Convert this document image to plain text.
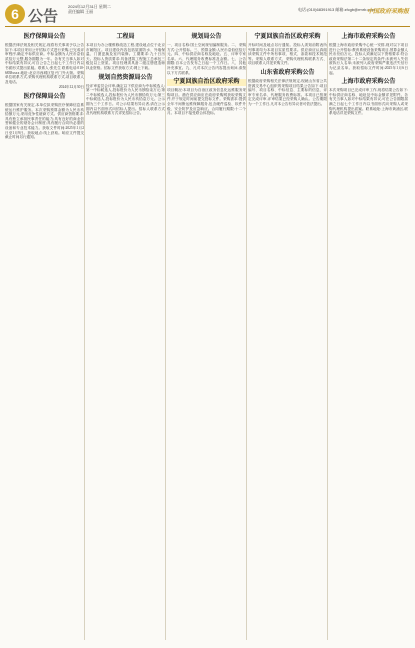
6 公告
2024年12月31日 星期二
责任编辑 王丽	电话:(010)68391913 邮箱:zfcgb@rmrb.com
中国政府采购报
医疗保障局公告

根据法律法规及相关规定,现将有关事项予以公告如下:本项目采用公开招标方式进行采购,已完成评审程序,确定中标供应商。中标金额为人民币壹佰贰拾万元整,服务期限为一年。各有关当事人如对中标结果有异议,可自公告之日起七个工作日内以书面形式提出质疑。联系人:张先生 联系电话:010-6838xxxx 地址:北京市西城区复兴门外大街。采购单位联系方式,采购代理机构联系方式,项目联系人及电话。

2024年12月30日

医疗保障局公告

根据国家有关规定,本单位拟采购医疗保障信息系统运行维护服务。本次采购预算金额为人民币玖拾捌万元,采用竞争性磋商方式。供应商资格要求:具有独立承担民事责任的能力;具有良好的商业信誉和健全的财务会计制度;具有履行合同所必需的设备和专业技术能力。获取文件时间:2025年1月2日至1月9日。获取地点:线上获取。响应文件提交截止时间另行通知。

工程局

本项目为办公楼维修改造工程,建设地点位于北京市朝阳区。项目建设内容包括屋面防水、外墙保温、门窗更换及室内装修。工期要求:九十日历天。投标人资质要求:具备建筑工程施工总承包三级及以上资质。项目经理须具备二级注册建造师执业资格。招标文件获取方式:网上下载。

规划自然资源局公告

经评审委员会评审,确定以下供应商为中标候选人:第一中标候选人,投标报价为人民币捌拾柒万元;第二中标候选人,投标报价为人民币捌拾玖万元;第三中标候选人,投标报价为人民币玖拾壹万元。公示期为三个工作日。对公示结果有异议者,请在公示期内以书面形式向招标人提出。招标人联系方式及代理机构联系方式详见招标公告。

规划局公告

一、项目名称:国土空间规划编制服务。二、采购方式:公开招标。三、预算金额:人民币壹佰伍拾万元。四、中标供应商名称及地址。五、评审专家名单。六、代理服务收费标准及金额。七、公告期限:自本公告发布之日起一个工作日。八、其他补充事宜。九、凡对本次公告内容提出询问,请按以下方式联系。

宁夏回族自治区政府采购

项目概况:本项目为自治区政务信息化运维服务采购项目。潜在供应商应在政府采购网获取采购文件,并于规定时间前提交投标文件。采购需求:提供全年不间断运维保障服务,包含硬件巡检、软件升级、安全防护及应急响应。合同履行期限:十二个月。本项目不接受联合体投标。

宁夏回族自治区政府采购

开标时间及地点另行通知。投标人须知前附表所列事项均为本项目实质性要求。供应商应认真阅读采购文件中所有事项、格式、条款和技术规范等。采购人联系方式、采购代理机构联系方式、项目联系人详见采购文件。

山东省政府采购公告

根据政府采购相关法律法规规定,现就山东省公共资源交易中心组织的采购项目结果公告如下:项目编号、项目名称、中标信息、主要标的信息、评审专家名单、代理服务收费标准。本项目已按规定完成评审,评审结果已经采购人确认。公告期限为一个工作日,凡对本公告有异议者可依法提出。

上海市政府采购公告

根据上海市政府采购中心统一安排,现对以下项目进行公开招标:教育系统设备采购项目,预算金额人民币叁佰万元。投标人须满足以下资格要求:符合政府采购法第二十二条规定的条件;未被列入失信被执行人名单;未被列入政府采购严重违法失信行为记录名单。获取招标文件时间:2025年1月6日起。

上海市政府采购公告

本次采购项目已完成评审工作,现将结果公告如下:中标供应商名称、地址及中标金额详见附件。各有关当事人如对中标结果有异议,可在公告期限届满之日起七个工作日内以书面形式向采购人或采购代理机构提出质疑。联系地址:上海市黄浦区,联系电话详见采购文件。
